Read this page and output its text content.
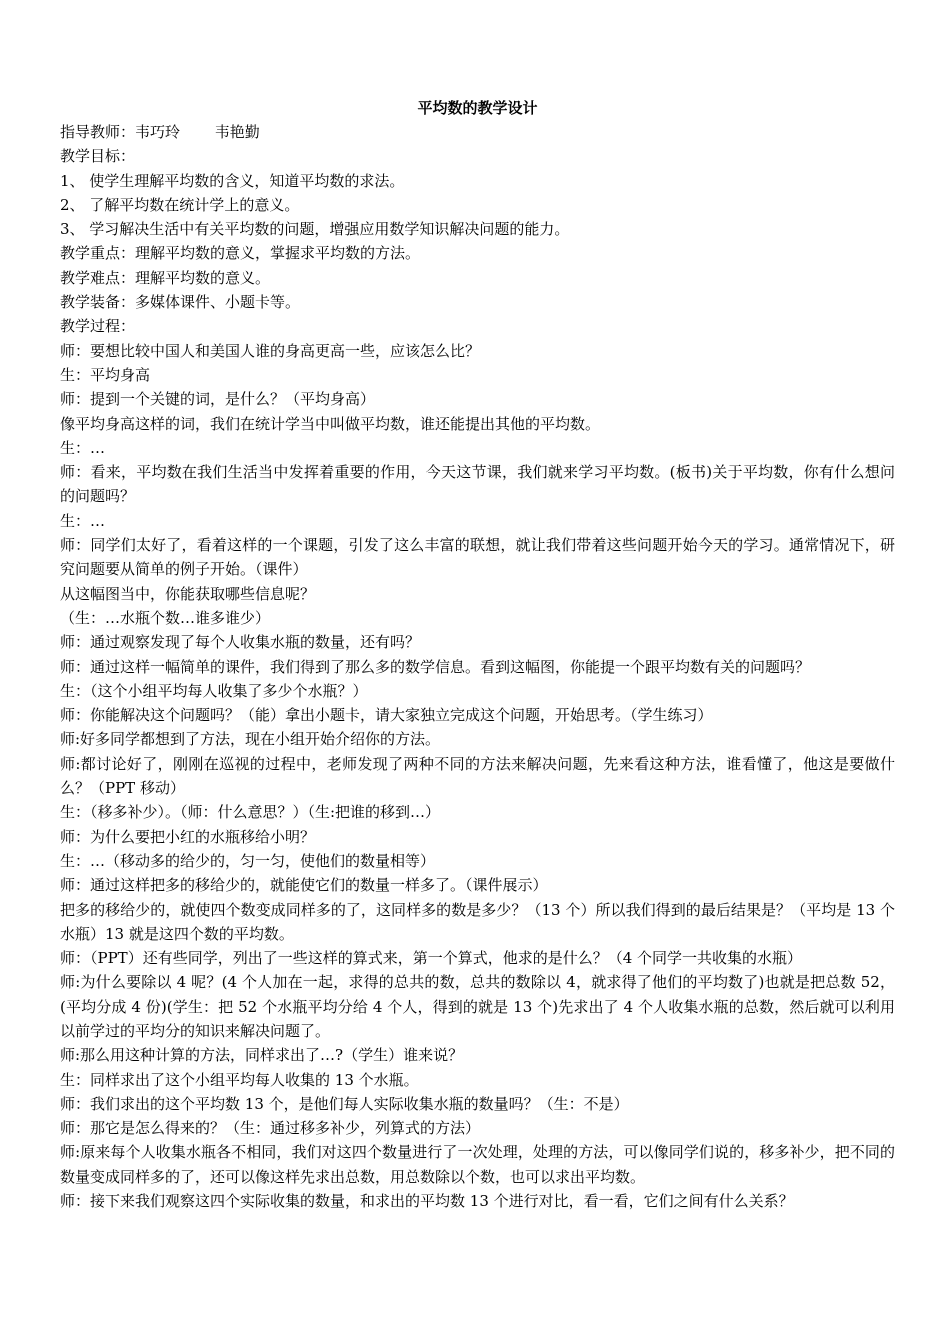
平均数的教学设计

指导教师：韦巧玲　　 韦艳勤

教学目标：

1、 使学生理解平均数的含义，知道平均数的求法。

2、 了解平均数在统计学上的意义。

3、 学习解决生活中有关平均数的问题，增强应用数学知识解决问题的能力。

教学重点：理解平均数的意义，掌握求平均数的方法。

教学难点：理解平均数的意义。

教学装备：多媒体课件、小题卡等。

教学过程：

师：要想比较中国人和美国人谁的身高更高一些，应该怎么比？

生：平均身高

师：提到一个关键的词，是什么？（平均身高）

像平均身高这样的词，我们在统计学当中叫做平均数，谁还能提出其他的平均数。

生：…

师：看来，平均数在我们生活当中发挥着重要的作用，今天这节课，我们就来学习平均数。(板书)关于平均数，你有什么想问的问题吗？

生：…

师：同学们太好了，看着这样的一个课题，引发了这么丰富的联想，就让我们带着这些问题开始今天的学习。通常情况下，研究问题要从简单的例子开始。（课件）

从这幅图当中，你能获取哪些信息呢？

（生：…水瓶个数…谁多谁少）

师：通过观察发现了每个人收集水瓶的数量，还有吗？

师：通过这样一幅简单的课件，我们得到了那么多的数学信息。看到这幅图，你能提一个跟平均数有关的问题吗？

生：（这个小组平均每人收集了多少个水瓶？）

师：你能解决这个问题吗？（能）拿出小题卡，请大家独立完成这个问题，开始思考。（学生练习）

师:好多同学都想到了方法，现在小组开始介绍你的方法。

师:都讨论好了，刚刚在巡视的过程中，老师发现了两种不同的方法来解决问题，先来看这种方法，谁看懂了，他这是要做什么？（PPT 移动）

生：（移多补少）。（师：什么意思？）（生:把谁的移到…）

师：为什么要把小红的水瓶移给小明？

生：…（移动多的给少的，匀一匀，使他们的数量相等）

师：通过这样把多的移给少的，就能使它们的数量一样多了。（课件展示）

把多的移给少的，就使四个数变成同样多的了，这同样多的数是多少？（13 个）所以我们得到的最后结果是？（平均是 13 个水瓶）13 就是这四个数的平均数。

师：（PPT）还有些同学，列出了一些这样的算式来，第一个算式，他求的是什么？（4 个同学一共收集的水瓶）

师:为什么要除以 4 呢？(4 个人加在一起，求得的总共的数，总共的数除以 4，就求得了他们的平均数了)也就是把总数 52，(平均分成 4 份)(学生：把 52 个水瓶平均分给 4 个人，得到的就是 13 个)先求出了 4 个人收集水瓶的总数，然后就可以利用以前学过的平均分的知识来解决问题了。

师:那么用这种计算的方法，同样求出了…?（学生）谁来说？

生：同样求出了这个小组平均每人收集的 13 个水瓶。

师：我们求出的这个平均数 13 个，是他们每人实际收集水瓶的数量吗？（生：不是）

师：那它是怎么得来的？（生：通过移多补少，列算式的方法）

师:原来每个人收集水瓶各不相同，我们对这四个数量进行了一次处理，处理的方法，可以像同学们说的，移多补少，把不同的数量变成同样多的了，还可以像这样先求出总数，用总数除以个数，也可以求出平均数。

师：接下来我们观察这四个实际收集的数量，和求出的平均数 13 个进行对比，看一看，它们之间有什么关系？
